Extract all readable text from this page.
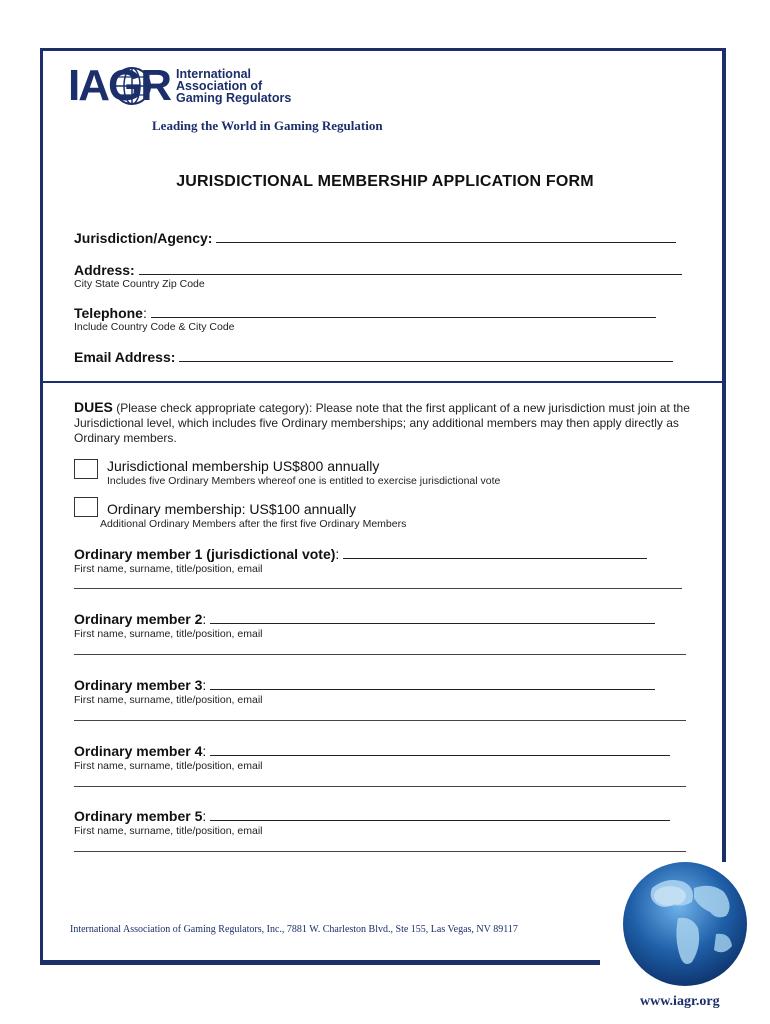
IAGR International
Association of
Gaming Regulators
Leading the World in Gaming Regulation
JURISDICTIONAL MEMBERSHIP APPLICATION FORM
Jurisdiction/Agency:
Address:
City State Country Zip Code
Telephone:
Include Country Code & City Code
Email Address:
DUES (Please check appropriate category): Please note that the first applicant of a new jurisdiction must join at the Jurisdictional level, which includes five Ordinary memberships; any additional members may then apply directly as Ordinary members.
Jurisdictional membership US$800 annually
Includes five Ordinary Members whereof one is entitled to exercise jurisdictional vote
Ordinary membership: US$100 annually
Additional Ordinary Members after the first five Ordinary Members
Ordinary member 1 (jurisdictional vote):
First name, surname, title/position, email
Ordinary member 2:
First name, surname, title/position, email
Ordinary member 3:
First name, surname, title/position, email
Ordinary member 4:
First name, surname, title/position, email
Ordinary member 5:
First name, surname, title/position, email
International Association of Gaming Regulators, Inc., 7881 W. Charleston Blvd., Ste 155, Las Vegas, NV 89117
www.iagr.org
